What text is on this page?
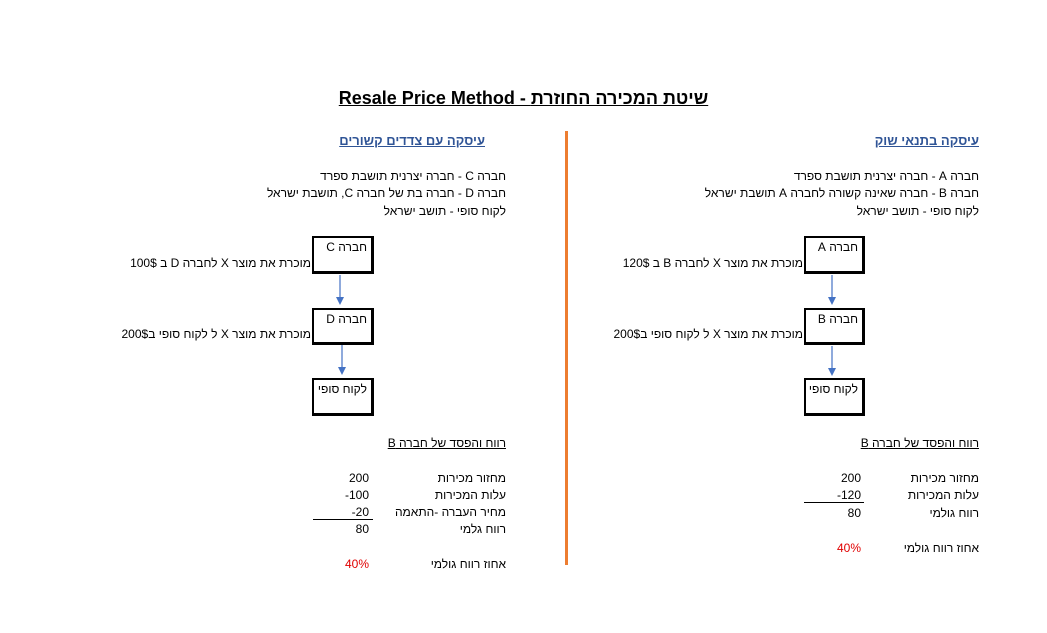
Resale Price Method - שיטת המכירה החוזרת
עיסקה בתנאי שוק
חברה A - חברה יצרנית תושבת ספרד
חברה B - חברה שאינה קשורה לחברה A תושבת ישראל
לקוח סופי - תושב ישראל
חברה A
מוכרת את מוצר X לחברה B ב 120$
חברה B
מוכרת את מוצר X ל לקוח סופי ב200$
לקוח סופי
רווח והפסד של חברה B
מחזור מכירות
200
עלות המכירות
-120
רווח גולמי
80
אחוז רווח גולמי
40%
עיסקה עם צדדים קשורים
חברה C - חברה יצרנית תושבת ספרד
חברה D - חברה בת של חברה C, תושבת ישראל
לקוח סופי - תושב ישראל
חברה C
מוכרת את מוצר X לחברה D ב 100$
חברה D
מוכרת את מוצר X ל לקוח סופי ב200$
לקוח סופי
רווח והפסד של חברה B
מחזור מכירות
200
עלות המכירות
-100
מחיר העברה -התאמה
-20
רווח גלמי
80
אחוז רווח גולמי
40%
